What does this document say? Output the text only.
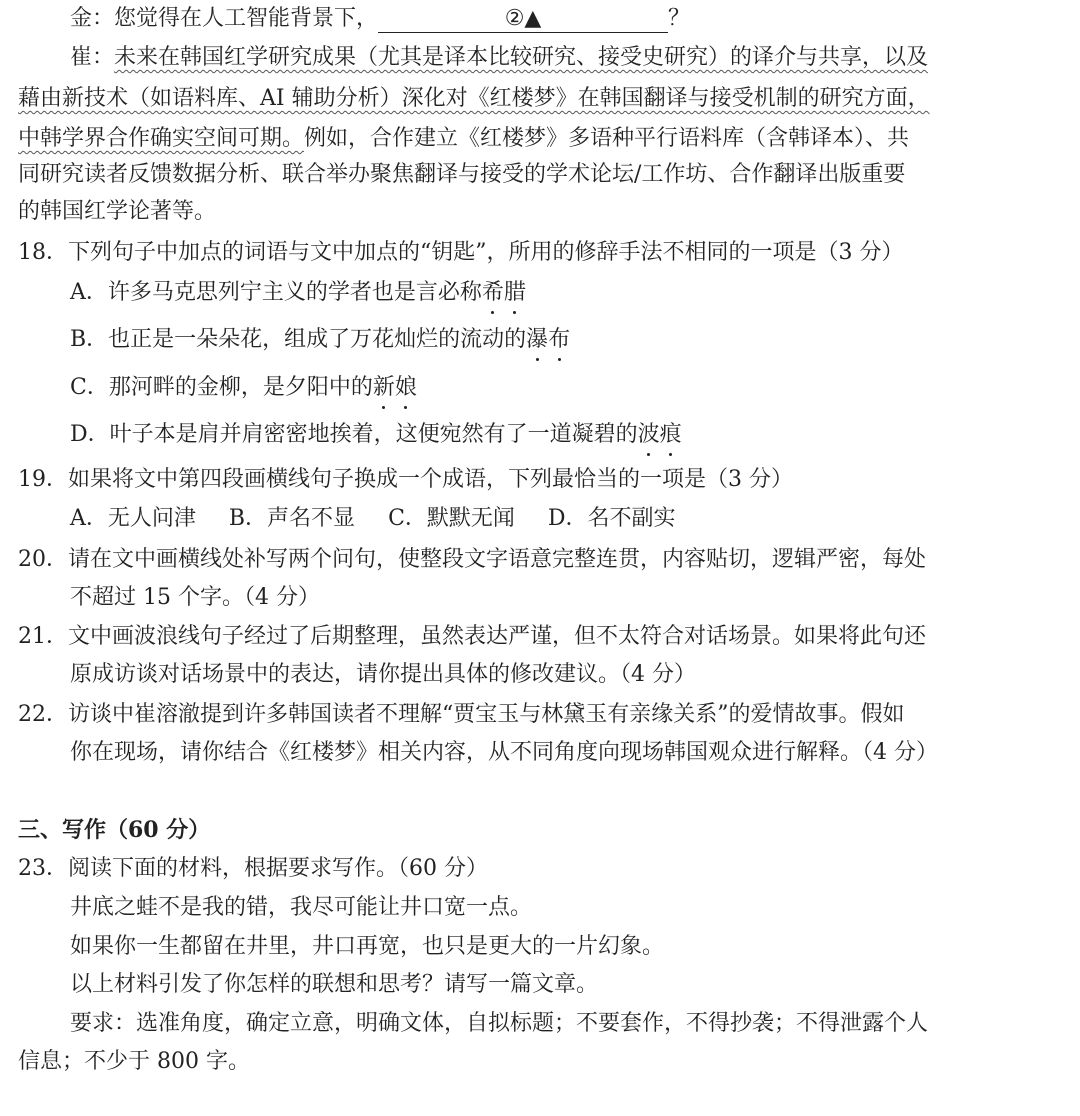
金：您觉得在人工智能背景下，	②▲	？
崔：未来在韩国红学研究成果（尤其是译本比较研究、接受史研究）的译介与共享，以及
藉由新技术（如语料库、AI 辅助分析）深化对《红楼梦》在韩国翻译与接受机制的研究方面，
中韩学界合作确实空间可期。例如，合作建立《红楼梦》多语种平行语料库（含韩译本）、共
同研究读者反馈数据分析、联合举办聚焦翻译与接受的学术论坛/工作坊、合作翻译出版重要
的韩国红学论著等。
18．下列句子中加点的词语与文中加点的“钥匙”，所用的修辞手法不相同的一项是（3 分）
A．许多马克思列宁主义的学者也是言必称希腊
B．也正是一朵朵花，组成了万花灿烂的流动的瀑布
C．那河畔的金柳，是夕阳中的新娘
D．叶子本是肩并肩密密地挨着，这便宛然有了一道凝碧的波痕
19．如果将文中第四段画横线句子换成一个成语，下列最恰当的一项是（3 分）
A．无人问津 B．声名不显 C．默默无闻 D．名不副实
20．请在文中画横线处补写两个问句，使整段文字语意完整连贯，内容贴切，逻辑严密，每处
不超过 15 个字。（4 分）
21．文中画波浪线句子经过了后期整理，虽然表达严谨，但不太符合对话场景。如果将此句还
原成访谈对话场景中的表达，请你提出具体的修改建议。（4 分）
22．访谈中崔溶澈提到许多韩国读者不理解“贾宝玉与林黛玉有亲缘关系”的爱情故事。假如
你在现场，请你结合《红楼梦》相关内容，从不同角度向现场韩国观众进行解释。（4 分）
三、写作（60 分）
23．阅读下面的材料，根据要求写作。（60 分）
井底之蛙不是我的错，我尽可能让井口宽一点。
如果你一生都留在井里，井口再宽，也只是更大的一片幻象。
以上材料引发了你怎样的联想和思考？请写一篇文章。
要求：选准角度，确定立意，明确文体，自拟标题；不要套作，不得抄袭；不得泄露个人
信息；不少于 800 字。
